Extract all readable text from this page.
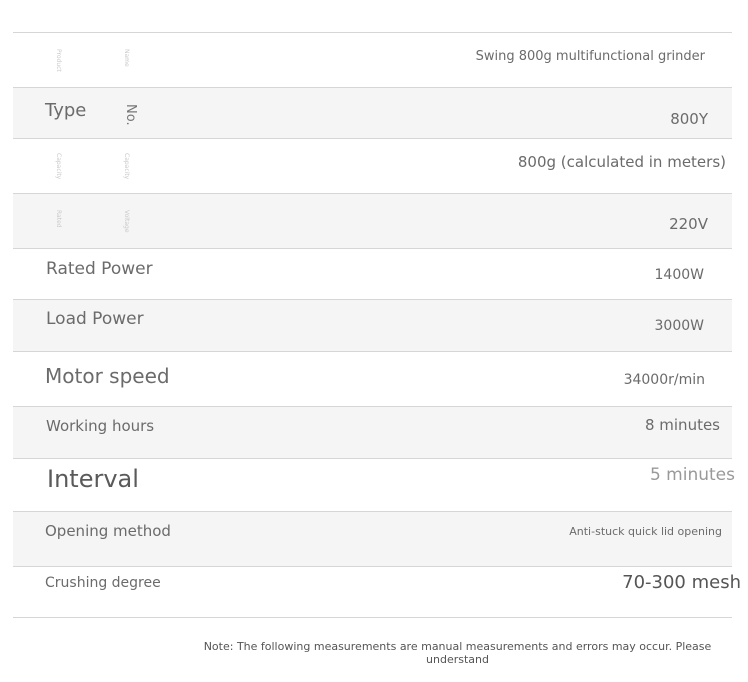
Product	Name	Swing 800g multifunctional grinder
Type	No.	800Y
Capacity	Capacity	800g (calculated in meters)
Rated	Voltage	220V
Rated Power	1400W
Load Power	3000W
Motor speed	34000r/min
Working hours	8 minutes
Interval	5 minutes
Opening method	Anti-stuck quick lid opening
Crushing degree	70-300 mesh
Note: The following measurements are manual measurements and errors may occur. Please understand
